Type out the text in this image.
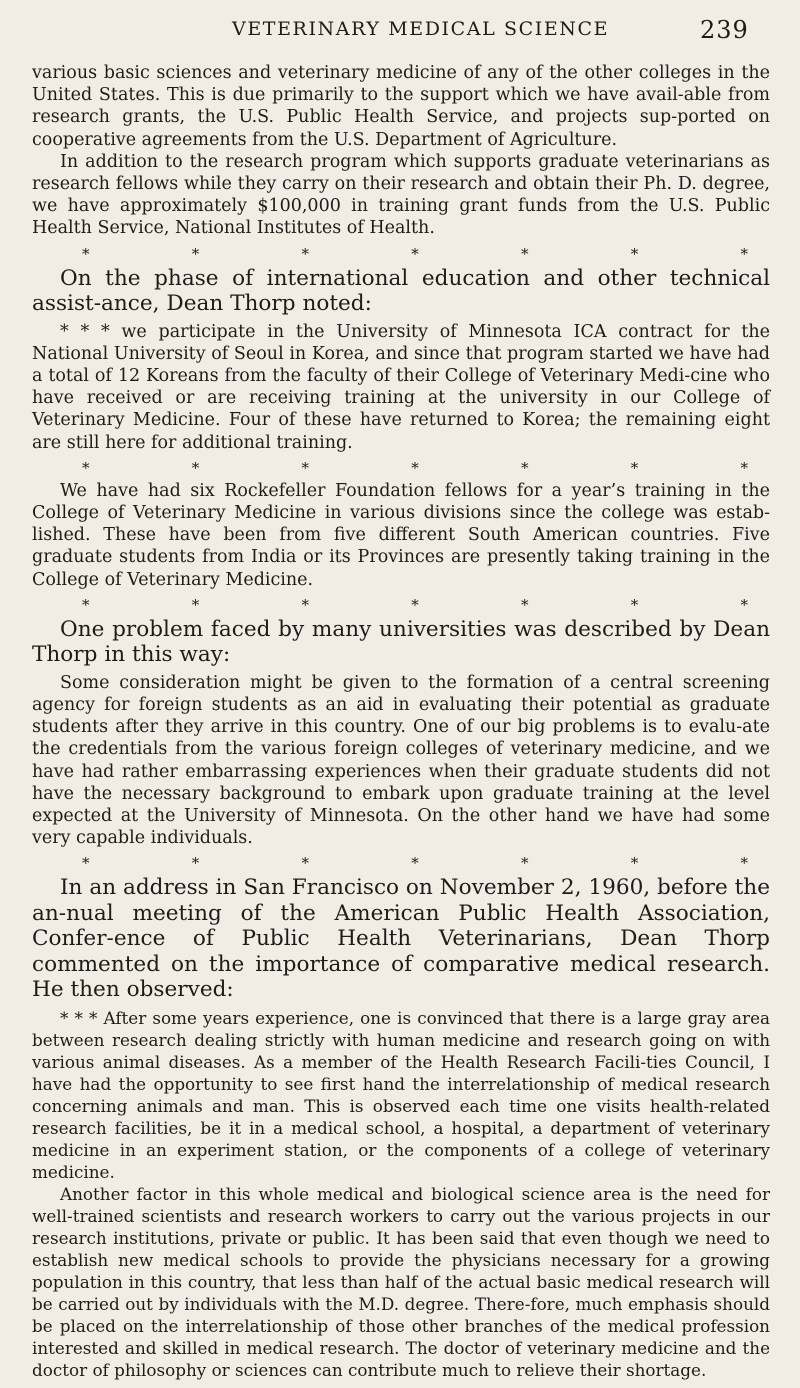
VETERINARY MEDICAL SCIENCE	239

various basic sciences and veterinary medicine of any of the other colleges in the United States. This is due primarily to the support which we have avail-able from research grants, the U.S. Public Health Service, and projects sup-ported on cooperative agreements from the U.S. Department of Agriculture.

In addition to the research program which supports graduate veterinarians as research fellows while they carry on their research and obtain their Ph. D. degree, we have approximately $100,000 in training grant funds from the U.S. Public Health Service, National Institutes of Health.

*	*	*	*	*	*	*

On the phase of international education and other technical assist-ance, Dean Thorp noted:

* * * we participate in the University of Minnesota ICA contract for the National University of Seoul in Korea, and since that program started we have had a total of 12 Koreans from the faculty of their College of Veterinary Medi-cine who have received or are receiving training at the university in our College of Veterinary Medicine. Four of these have returned to Korea; the remaining eight are still here for additional training.

*	*	*	*	*	*	*

We have had six Rockefeller Foundation fellows for a year’s training in the College of Veterinary Medicine in various divisions since the college was estab-lished. These have been from five different South American countries. Five graduate students from India or its Provinces are presently taking training in the College of Veterinary Medicine.

*	*	*	*	*	*	*

One problem faced by many universities was described by Dean Thorp in this way:

Some consideration might be given to the formation of a central screening agency for foreign students as an aid in evaluating their potential as graduate students after they arrive in this country. One of our big problems is to evalu-ate the credentials from the various foreign colleges of veterinary medicine, and we have had rather embarrassing experiences when their graduate students did not have the necessary background to embark upon graduate training at the level expected at the University of Minnesota. On the other hand we have had some very capable individuals.

*	*	*	*	*	*	*

In an address in San Francisco on November 2, 1960, before the an-nual meeting of the American Public Health Association, Confer-ence of Public Health Veterinarians, Dean Thorp commented on the importance of comparative medical research. He then observed:

* * * After some years experience, one is convinced that there is a large gray area between research dealing strictly with human medicine and research going on with various animal diseases. As a member of the Health Research Facili-ties Council, I have had the opportunity to see first hand the interrelationship of medical research concerning animals and man. This is observed each time one visits health-related research facilities, be it in a medical school, a hospital, a department of veterinary medicine in an experiment station, or the components of a college of veterinary medicine.

Another factor in this whole medical and biological science area is the need for well-trained scientists and research workers to carry out the various projects in our research institutions, private or public. It has been said that even though we need to establish new medical schools to provide the physicians necessary for a growing population in this country, that less than half of the actual basic medical research will be carried out by individuals with the M.D. degree. There-fore, much emphasis should be placed on the interrelationship of those other branches of the medical profession interested and skilled in medical research. The doctor of veterinary medicine and the doctor of philosophy or sciences can contribute much to relieve their shortage.
